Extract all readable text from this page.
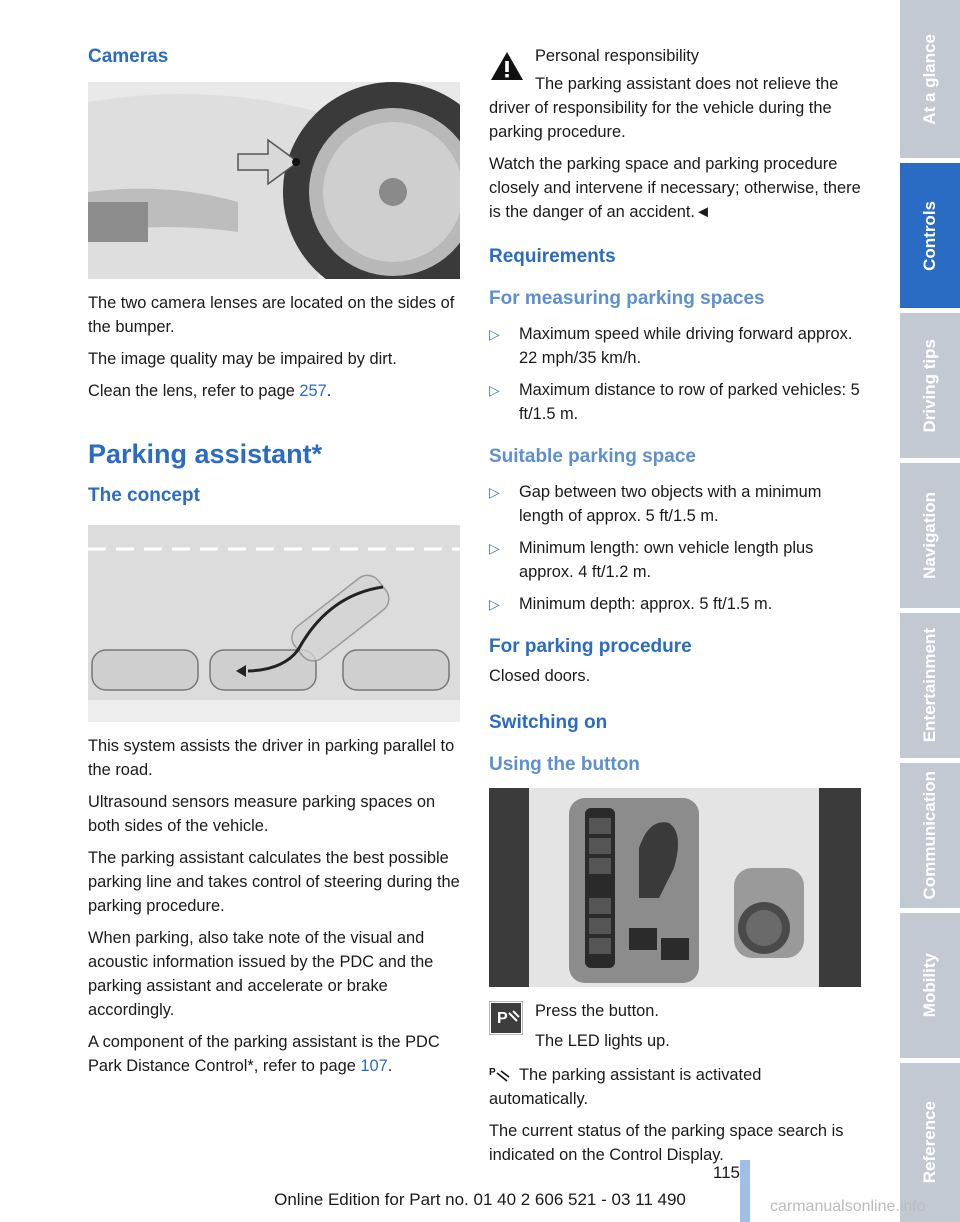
Cameras

The two camera lenses are located on the sides of the bumper.

The image quality may be impaired by dirt.

Clean the lens, refer to page 257.

Parking assistant*
The concept

This system assists the driver in parking parallel to the road.

Ultrasound sensors measure parking spaces on both sides of the vehicle.

The parking assistant calculates the best possible parking line and takes control of steering during the parking procedure.

When parking, also take note of the visual and acoustic information issued by the PDC and the parking assistant and accelerate or brake accordingly.

A component of the parking assistant is the PDC Park Distance Control*, refer to page 107.

Personal responsibility

The parking assistant does not relieve the driver of responsibility for the vehicle during the parking procedure.

Watch the parking space and parking procedure closely and intervene if necessary; otherwise, there is the danger of an accident.◄

Requirements
For measuring parking spaces
▷ Maximum speed while driving forward approx. 22 mph/35 km/h.
▷ Maximum distance to row of parked vehicles: 5 ft/1.5 m.
Suitable parking space
▷ Gap between two objects with a minimum length of approx. 5 ft/1.5 m.
▷ Minimum length: own vehicle length plus approx. 4 ft/1.2 m.
▷ Minimum depth: approx. 5 ft/1.5 m.
For parking procedure

Closed doors.

Switching on
Using the button
P Press the button.

The LED lights up.

P The parking assistant is activated automatically.

The current status of the parking space search is indicated on the Control Display.

At a glance
Controls
Driving tips
Navigation
Entertainment
Communication
Mobility
Reference
115
Online Edition for Part no. 01 40 2 606 521 - 03 11 490	carmanualsonline.info
